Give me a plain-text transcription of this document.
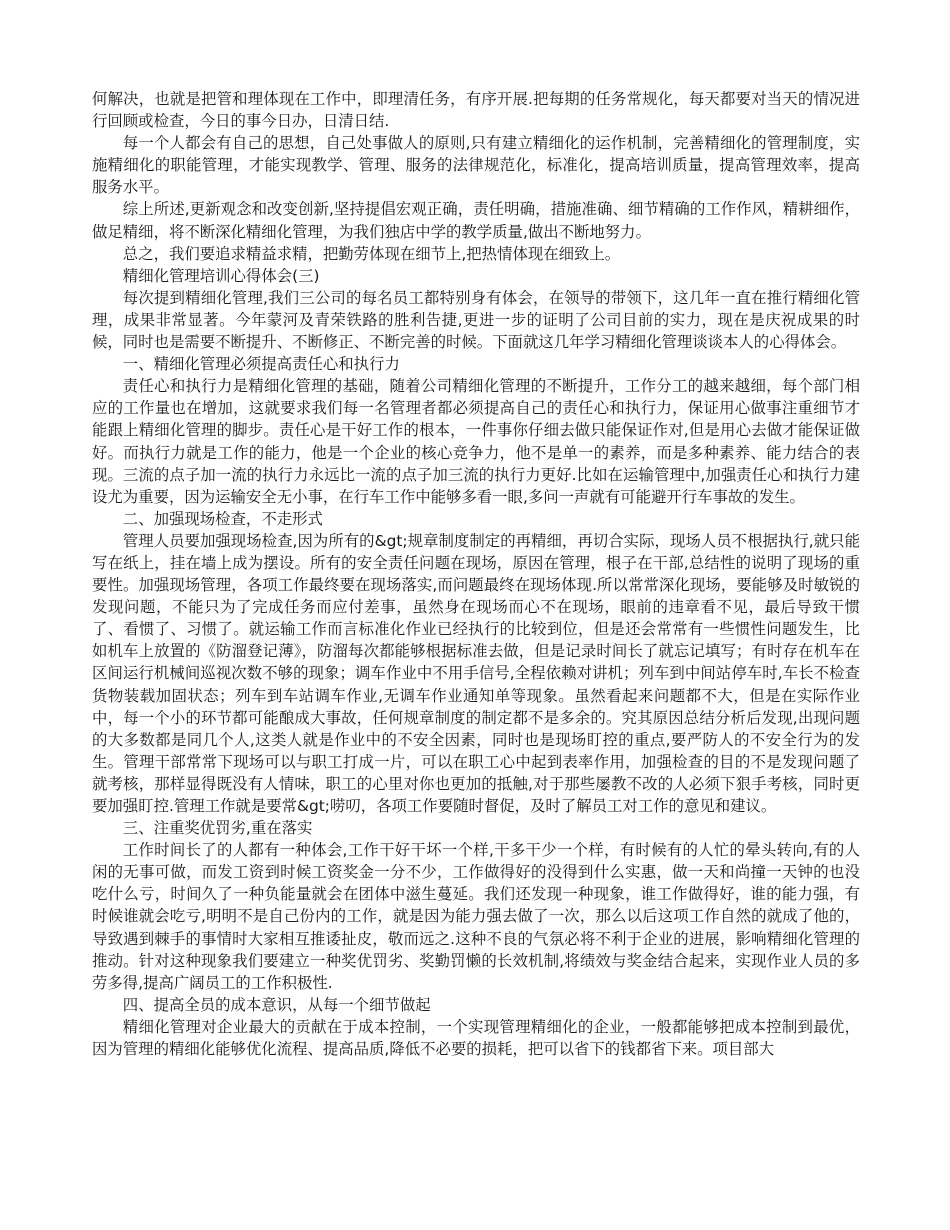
何解决，也就是把管和理体现在工作中，即理清任务，有序开展.把每期的任务常规化，每天都要对当天的情况进行回顾或检查，今日的事今日办，日清日结.

每一个人都会有自己的思想，自己处事做人的原则,只有建立精细化的运作机制，完善精细化的管理制度，实施精细化的职能管理，才能实现教学、管理、服务的法律规范化，标准化，提高培训质量，提高管理效率，提高服务水平。

综上所述,更新观念和改变创新,坚持提倡宏观正确，责任明确，措施准确、细节精确的工作作风，精耕细作，做足精细，将不断深化精细化管理，为我们独店中学的教学质量,做出不断地努力。

总之，我们要追求精益求精，把勤劳体现在细节上,把热情体现在细致上。

精细化管理培训心得体会(三)

每次提到精细化管理,我们三公司的每名员工都特别身有体会，在领导的带领下，这几年一直在推行精细化管理，成果非常显著。今年蒙河及青荣铁路的胜利告捷,更进一步的证明了公司目前的实力，现在是庆祝成果的时候，同时也是需要不断提升、不断修正、不断完善的时候。下面就这几年学习精细化管理谈谈本人的心得体会。

一、精细化管理必须提高责任心和执行力

责任心和执行力是精细化管理的基础，随着公司精细化管理的不断提升，工作分工的越来越细，每个部门相应的工作量也在增加，这就要求我们每一名管理者都必须提高自己的责任心和执行力，保证用心做事注重细节才能跟上精细化管理的脚步。责任心是干好工作的根本，一件事你仔细去做只能保证作对,但是用心去做才能保证做好。而执行力就是工作的能力，他是一个企业的核心竞争力，他不是单一的素养，而是多种素养、能力结合的表现。三流的点子加一流的执行力永远比一流的点子加三流的执行力更好.比如在运输管理中,加强责任心和执行力建设尤为重要，因为运输安全无小事，在行车工作中能够多看一眼,多问一声就有可能避开行车事故的发生。

二、加强现场检查，不走形式

管理人员要加强现场检查,因为所有的&gt;规章制度制定的再精细，再切合实际，现场人员不根据执行,就只能写在纸上，挂在墙上成为摆设。所有的安全责任问题在现场，原因在管理，根子在干部,总结性的说明了现场的重要性。加强现场管理，各项工作最终要在现场落实,而问题最终在现场体现.所以常常深化现场，要能够及时敏锐的发现问题，不能只为了完成任务而应付差事，虽然身在现场而心不在现场，眼前的违章看不见，最后导致干惯了、看惯了、习惯了。就运输工作而言标准化作业已经执行的比较到位，但是还会常常有一些惯性问题发生，比如机车上放置的《防溜登记薄》，防溜每次都能够根据标准去做，但是记录时间长了就忘记填写；有时存在机车在区间运行机械间巡视次数不够的现象；调车作业中不用手信号,全程依赖对讲机；列车到中间站停车时,车长不检查货物装载加固状态；列车到车站调车作业,无调车作业通知单等现象。虽然看起来问题都不大，但是在实际作业中，每一个小的环节都可能酿成大事故，任何规章制度的制定都不是多余的。究其原因总结分析后发现,出现问题的大多数都是同几个人,这类人就是作业中的不安全因素，同时也是现场盯控的重点,要严防人的不安全行为的发生。管理干部常常下现场可以与职工打成一片，可以在职工心中起到表率作用，加强检查的目的不是发现问题了就考核，那样显得既没有人情味，职工的心里对你也更加的抵触,对于那些屡教不改的人必须下狠手考核，同时更要加强盯控.管理工作就是要常&gt;唠叨，各项工作要随时督促，及时了解员工对工作的意见和建议。

三、注重奖优罚劣,重在落实

工作时间长了的人都有一种体会,工作干好干坏一个样,干多干少一个样，有时候有的人忙的晕头转向,有的人闲的无事可做，而发工资到时候工资奖金一分不少，工作做得好的没得到什么实惠，做一天和尚撞一天钟的也没吃什么亏，时间久了一种负能量就会在团体中滋生蔓延。我们还发现一种现象，谁工作做得好，谁的能力强，有时候谁就会吃亏,明明不是自己份内的工作，就是因为能力强去做了一次，那么以后这项工作自然的就成了他的，导致遇到棘手的事情时大家相互推诿扯皮，敬而远之.这种不良的气氛必将不利于企业的进展，影响精细化管理的推动。针对这种现象我们要建立一种奖优罚劣、奖勤罚懒的长效机制,将绩效与奖金结合起来，实现作业人员的多劳多得,提高广阔员工的工作积极性.

四、提高全员的成本意识，从每一个细节做起

精细化管理对企业最大的贡献在于成本控制，一个实现管理精细化的企业，一般都能够把成本控制到最优，因为管理的精细化能够优化流程、提高品质,降低不必要的损耗，把可以省下的钱都省下来。项目部大
